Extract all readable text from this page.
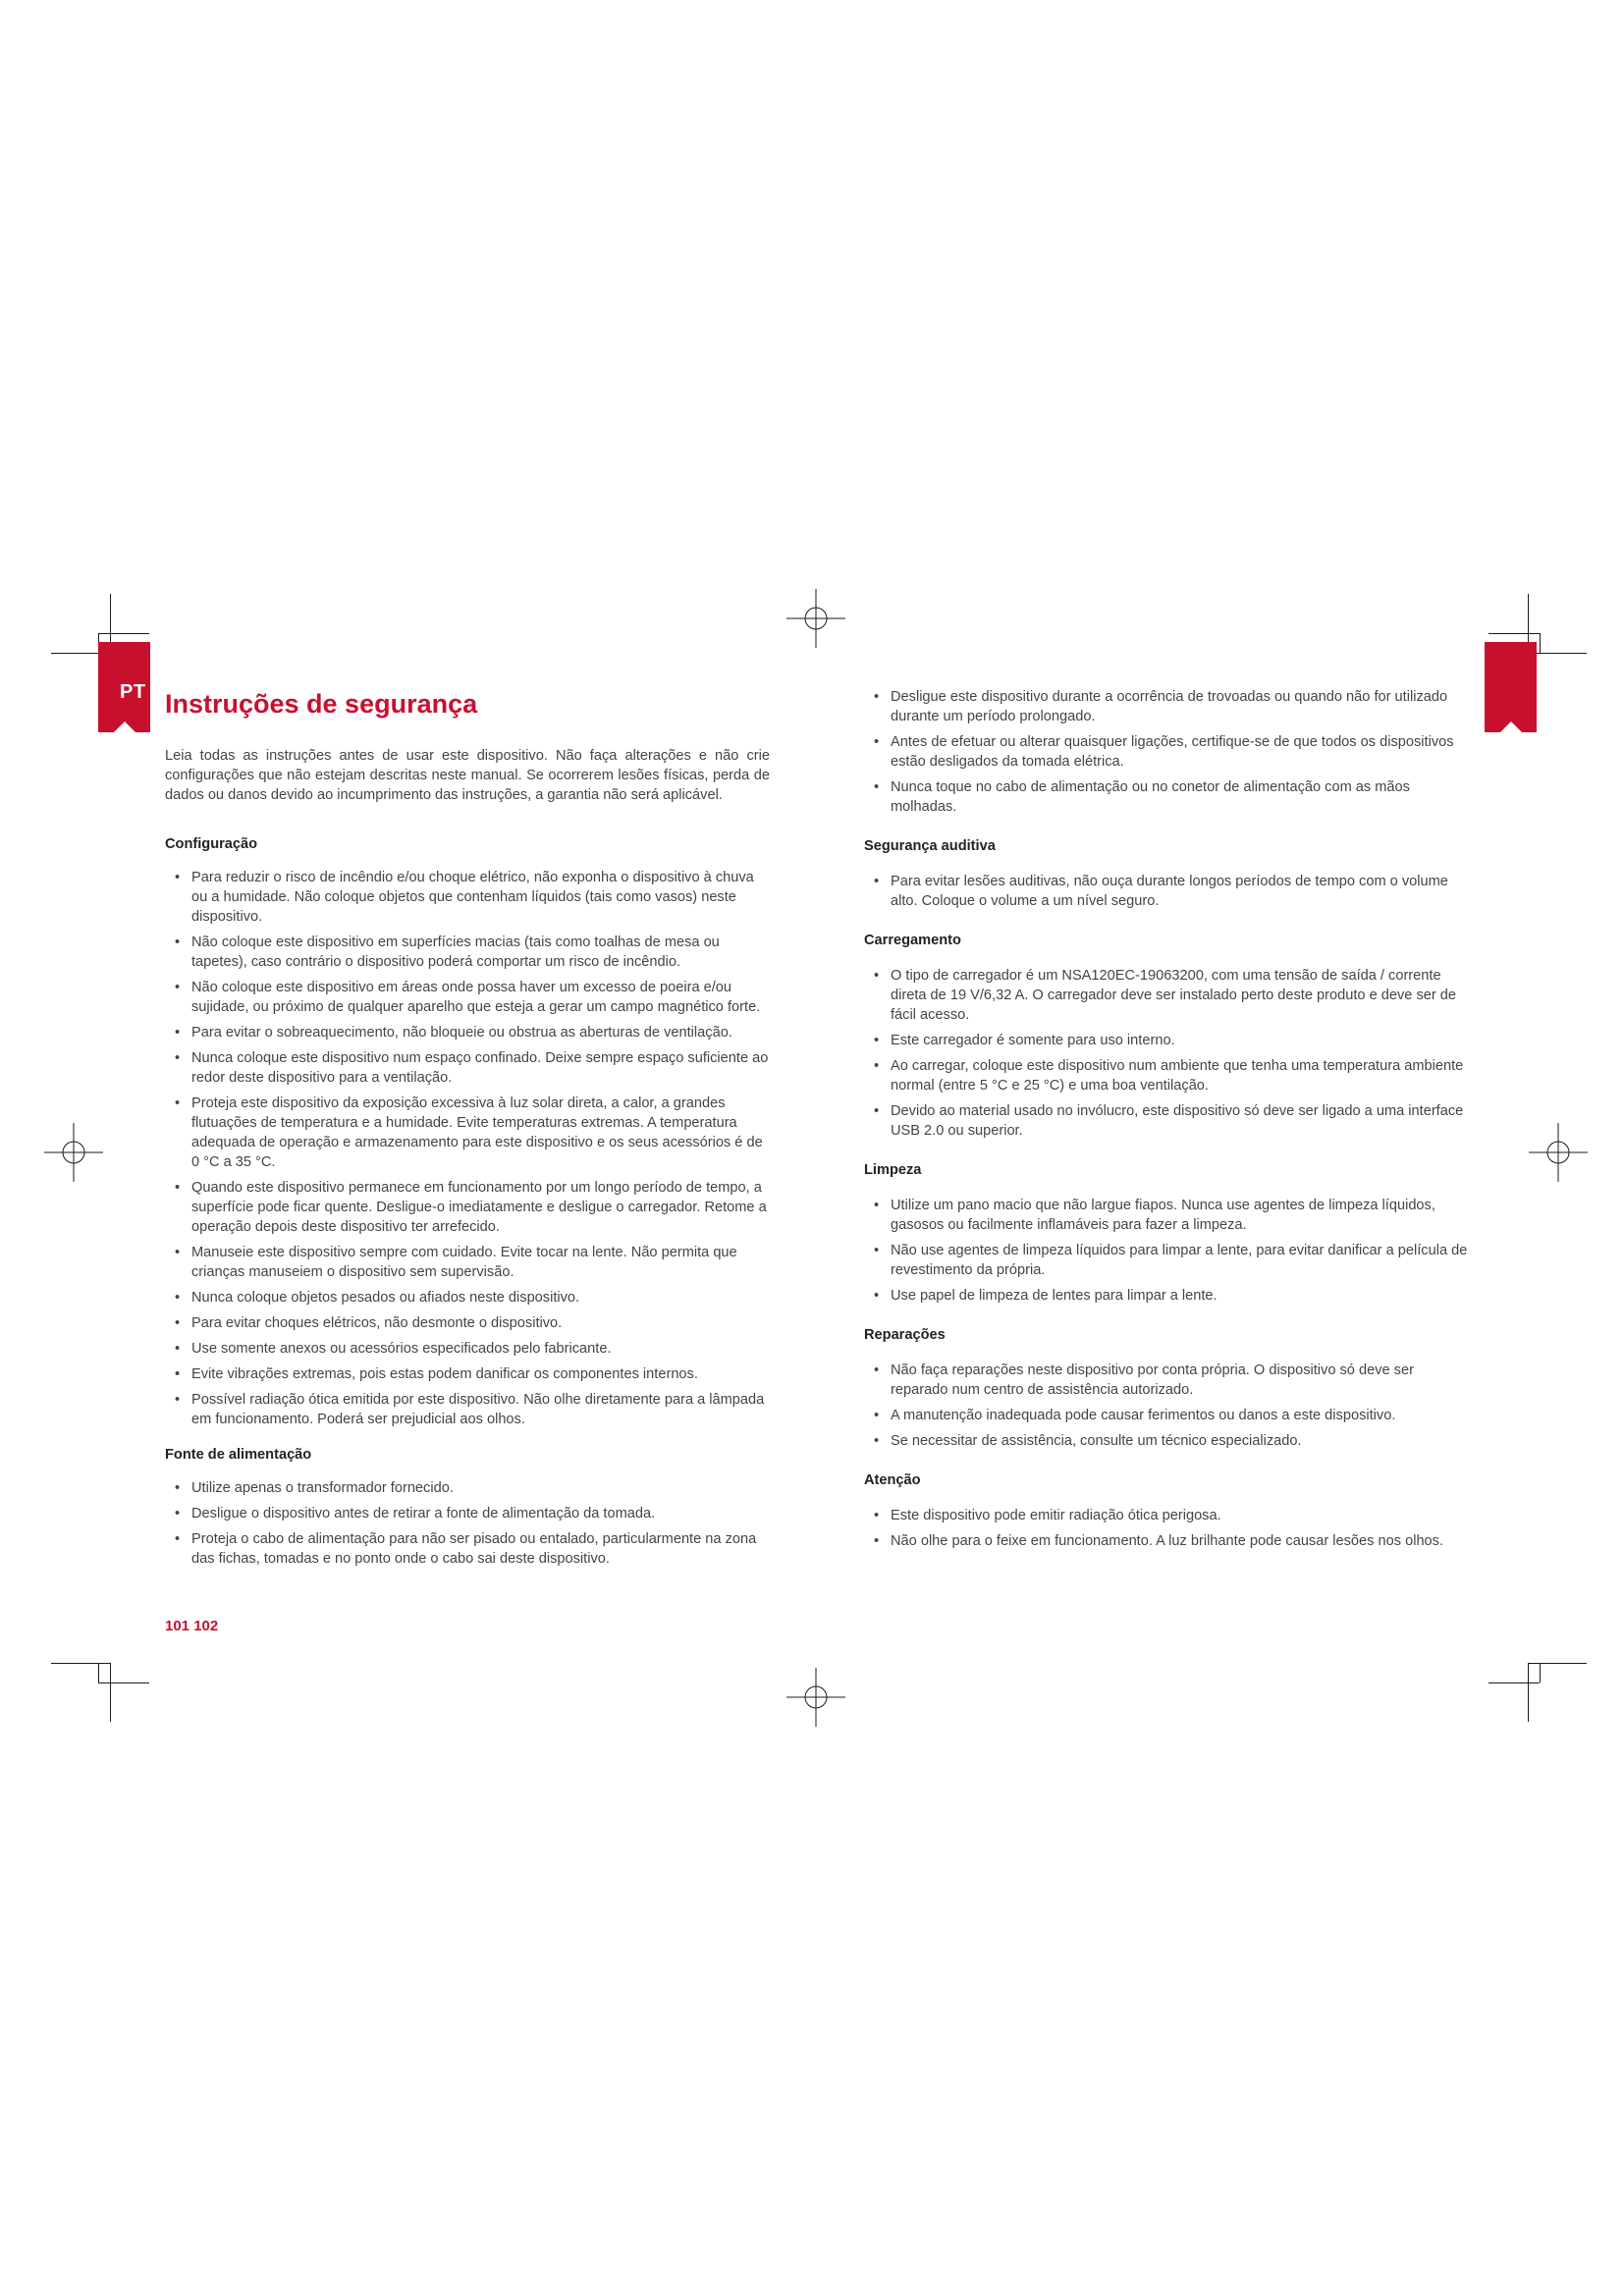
PT Instruções de segurança

Leia todas as instruções antes de usar este dispositivo. Não faça alterações e não crie configurações que não estejam descritas neste manual. Se ocorrerem lesões físicas, perda de dados ou danos devido ao incumprimento das instruções, a garantia não será aplicável.

Configuração
• Para reduzir o risco de incêndio e/ou choque elétrico, não exponha o dispositivo à chuva ou a humidade. Não coloque objetos que contenham líquidos (tais como vasos) neste dispositivo.
• Não coloque este dispositivo em superfícies macias (tais como toalhas de mesa ou tapetes), caso contrário o dispositivo poderá comportar um risco de incêndio.
• Não coloque este dispositivo em áreas onde possa haver um excesso de poeira e/ou sujidade, ou próximo de qualquer aparelho que esteja a gerar um campo magnético forte.
• Para evitar o sobreaquecimento, não bloqueie ou obstrua as aberturas de ventilação.
• Nunca coloque este dispositivo num espaço confinado. Deixe sempre espaço suficiente ao redor deste dispositivo para a ventilação.
• Proteja este dispositivo da exposição excessiva à luz solar direta, a calor, a grandes flutuações de temperatura e a humidade. Evite temperaturas extremas. A temperatura adequada de operação e armazenamento para este dispositivo e os seus acessórios é de 0 °C a 35 °C.
• Quando este dispositivo permanece em funcionamento por um longo período de tempo, a superfície pode ficar quente. Desligue-o imediatamente e desligue o carregador. Retome a operação depois deste dispositivo ter arrefecido.
• Manuseie este dispositivo sempre com cuidado. Evite tocar na lente. Não permita que crianças manuseiem o dispositivo sem supervisão.
• Nunca coloque objetos pesados ou afiados neste dispositivo.
• Para evitar choques elétricos, não desmonte o dispositivo.
• Use somente anexos ou acessórios especificados pelo fabricante.
• Evite vibrações extremas, pois estas podem danificar os componentes internos.
• Possível radiação ótica emitida por este dispositivo. Não olhe diretamente para a lâmpada em funcionamento. Poderá ser prejudicial aos olhos.
Fonte de alimentação
• Utilize apenas o transformador fornecido.
• Desligue o dispositivo antes de retirar a fonte de alimentação da tomada.
• Proteja o cabo de alimentação para não ser pisado ou entalado, particularmente na zona das fichas, tomadas e no ponto onde o cabo sai deste dispositivo.
• Desligue este dispositivo durante a ocorrência de trovoadas ou quando não for utilizado durante um período prolongado.
• Antes de efetuar ou alterar quaisquer ligações, certifique-se de que todos os dispositivos estão desligados da tomada elétrica.
• Nunca toque no cabo de alimentação ou no conetor de alimentação com as mãos molhadas.
Segurança auditiva
• Para evitar lesões auditivas, não ouça durante longos períodos de tempo com o volume alto. Coloque o volume a um nível seguro.
Carregamento
• O tipo de carregador é um NSA120EC-19063200, com uma tensão de saída / corrente direta de 19 V/6,32 A. O carregador deve ser instalado perto deste produto e deve ser de fácil acesso.
• Este carregador é somente para uso interno.
• Ao carregar, coloque este dispositivo num ambiente que tenha uma temperatura ambiente normal (entre 5 °C e 25 °C) e uma boa ventilação.
• Devido ao material usado no invólucro, este dispositivo só deve ser ligado a uma interface USB 2.0 ou superior.
Limpeza
• Utilize um pano macio que não largue fiapos. Nunca use agentes de limpeza líquidos, gasosos ou facilmente inflamáveis para fazer a limpeza.
• Não use agentes de limpeza líquidos para limpar a lente, para evitar danificar a película de revestimento da própria.
• Use papel de limpeza de lentes para limpar a lente.
Reparações
• Não faça reparações neste dispositivo por conta própria. O dispositivo só deve ser reparado num centro de assistência autorizado.
• A manutenção inadequada pode causar ferimentos ou danos a este dispositivo.
• Se necessitar de assistência, consulte um técnico especializado.
Atenção
• Este dispositivo pode emitir radiação ótica perigosa.
• Não olhe para o feixe em funcionamento. A luz brilhante pode causar lesões nos olhos.
101 102
